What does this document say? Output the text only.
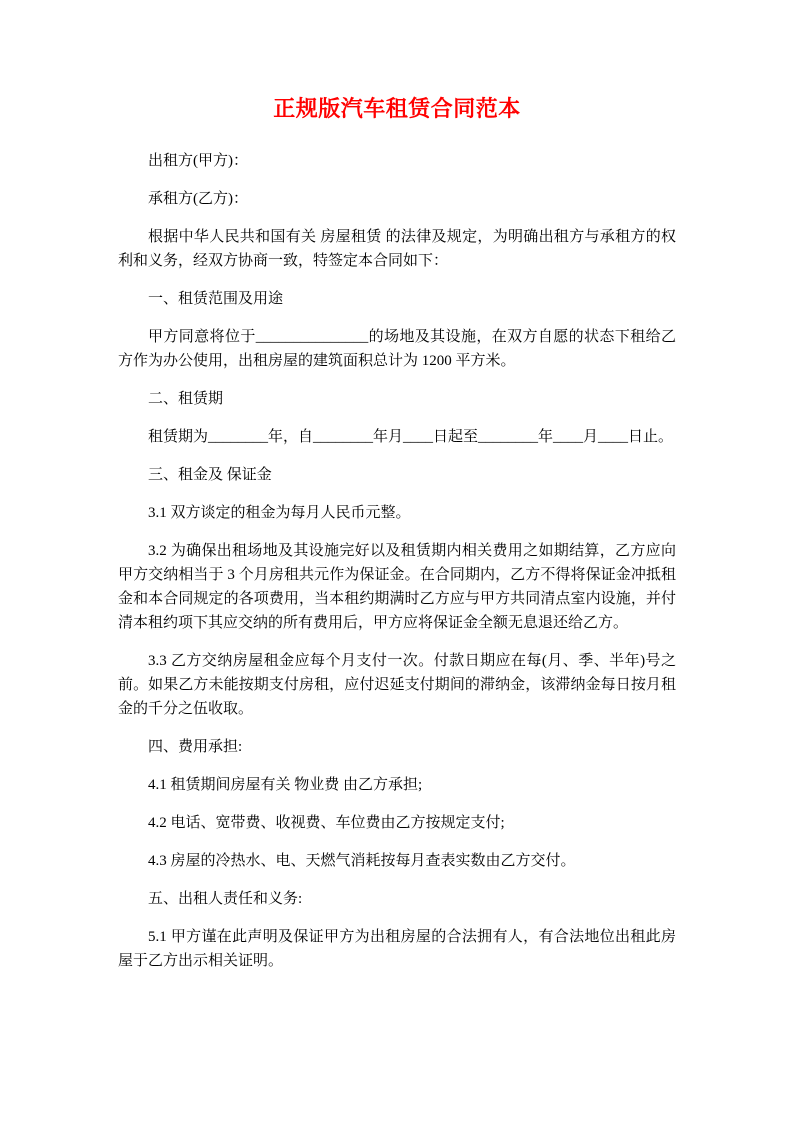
正规版汽车租赁合同范本

出租方(甲方)：

承租方(乙方)：

根据中华人民共和国有关 房屋租赁 的法律及规定，为明确出租方与承租方的权利和义务，经双方协商一致，特签定本合同如下：

一、租赁范围及用途

甲方同意将位于_______________的场地及其设施，在双方自愿的状态下租给乙方作为办公使用，出租房屋的建筑面积总计为 1200 平方米。

二、租赁期

租赁期为________年，自________年月____日起至________年____月____日止。

三、租金及 保证金

3.1 双方谈定的租金为每月人民币元整。

3.2 为确保出租场地及其设施完好以及租赁期内相关费用之如期结算，乙方应向甲方交纳相当于 3 个月房租共元作为保证金。在合同期内，乙方不得将保证金冲抵租金和本合同规定的各项费用，当本租约期满时乙方应与甲方共同清点室内设施，并付清本租约项下其应交纳的所有费用后，甲方应将保证金全额无息退还给乙方。

3.3 乙方交纳房屋租金应每个月支付一次。付款日期应在每(月、季、半年)号之前。如果乙方未能按期支付房租，应付迟延支付期间的滞纳金，该滞纳金每日按月租金的千分之伍收取。

四、费用承担:

4.1 租赁期间房屋有关 物业费 由乙方承担;

4.2 电话、宽带费、收视费、车位费由乙方按规定支付;

4.3 房屋的冷热水、电、天燃气消耗按每月查表实数由乙方交付。

五、出租人责任和义务:

5.1 甲方谨在此声明及保证甲方为出租房屋的合法拥有人，有合法地位出租此房屋于乙方出示相关证明。
